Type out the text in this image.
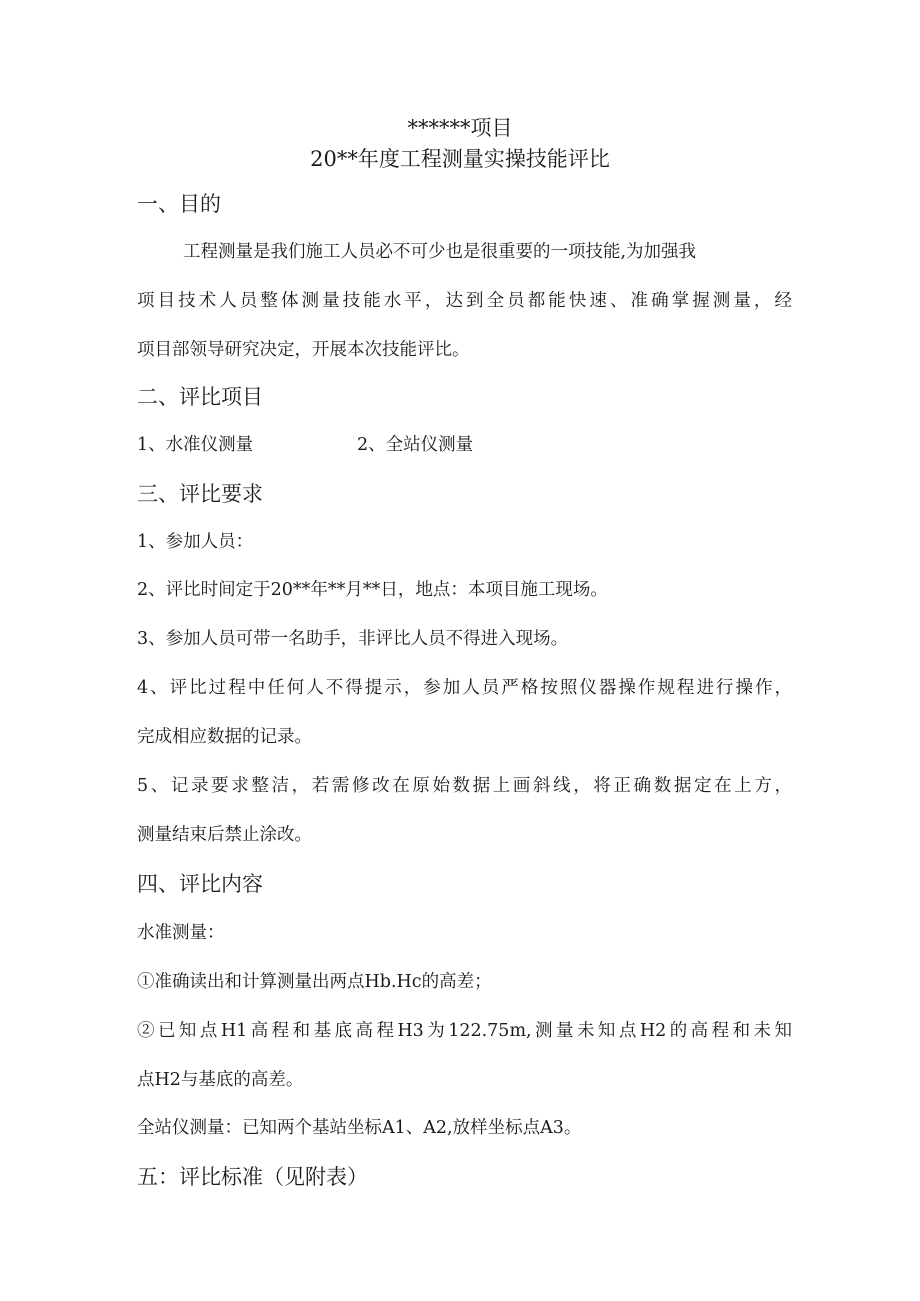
******项目
20**年度工程测量实操技能评比
一、目的
工程测量是我们施工人员必不可少也是很重要的一项技能,为加强我
项目技术人员整体测量技能水平，达到全员都能快速、准确掌握测量，经
项目部领导研究决定，开展本次技能评比。
二、评比项目
1、水准仪测量	2、全站仪测量
三、评比要求
1、参加人员：
2、评比时间定于20**年**月**日，地点：本项目施工现场。
3、参加人员可带一名助手，非评比人员不得进入现场。
4、评比过程中任何人不得提示，参加人员严格按照仪器操作规程进行操作，
完成相应数据的记录。
5、记录要求整洁，若需修改在原始数据上画斜线，将正确数据定在上方，
测量结束后禁止涂改。
四、评比内容
水准测量：
①准确读出和计算测量出两点Hb.Hc的高差；
②已知点H1高程和基底高程H3为122.75m,测量未知点H2的高程和未知
点H2与基底的高差。
全站仪测量：已知两个基站坐标A1、A2,放样坐标点A3。
五：评比标准（见附表）
